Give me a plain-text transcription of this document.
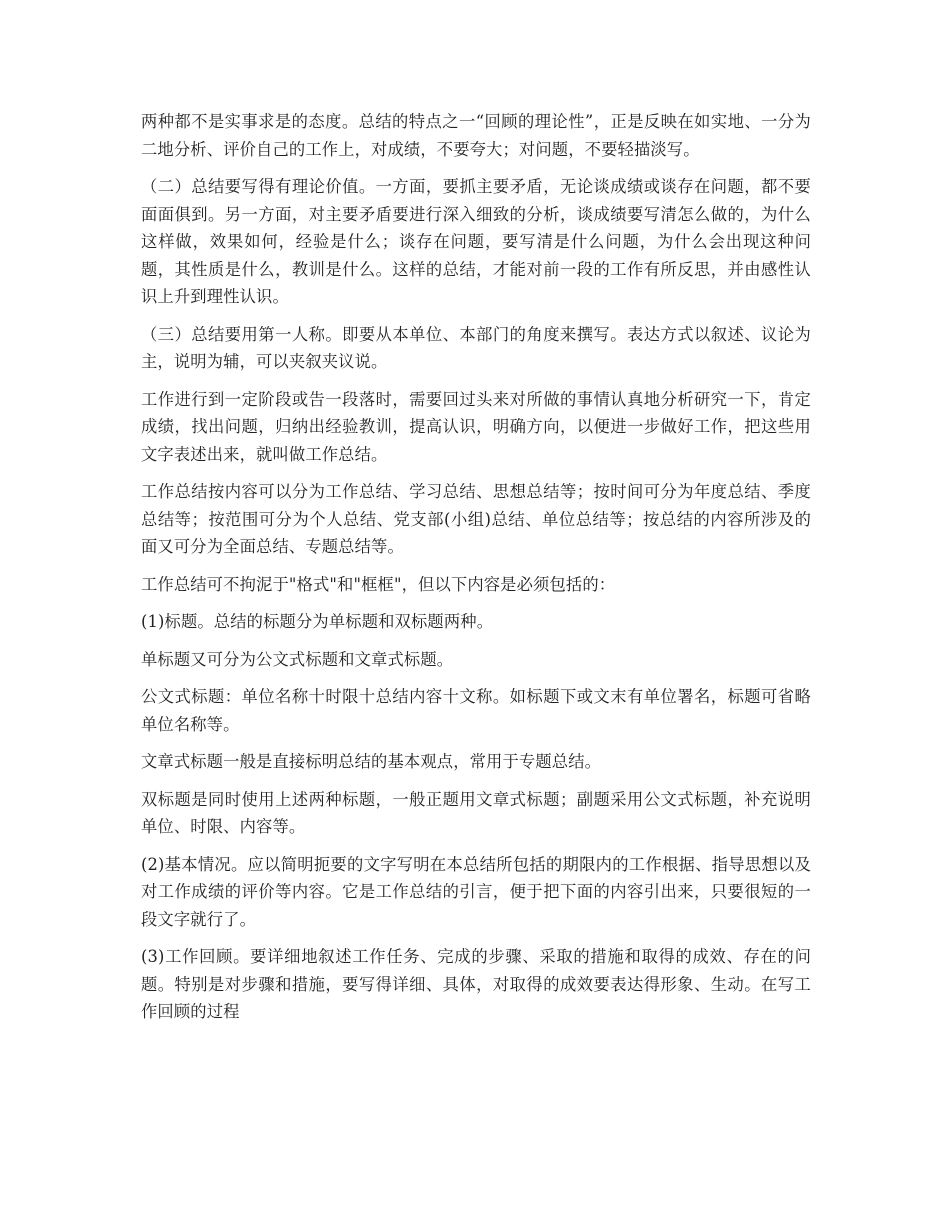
两种都不是实事求是的态度。总结的特点之一“回顾的理论性”，正是反映在如实地、一分为二地分析、评价自己的工作上，对成绩，不要夸大；对问题，不要轻描淡写。

（二）总结要写得有理论价值。一方面，要抓主要矛盾，无论谈成绩或谈存在问题，都不要面面俱到。另一方面，对主要矛盾要进行深入细致的分析，谈成绩要写清怎么做的，为什么这样做，效果如何，经验是什么；谈存在问题，要写清是什么问题，为什么会出现这种问题，其性质是什么，教训是什么。这样的总结，才能对前一段的工作有所反思，并由感性认识上升到理性认识。

（三）总结要用第一人称。即要从本单位、本部门的角度来撰写。表达方式以叙述、议论为主，说明为辅，可以夹叙夹议说。

工作进行到一定阶段或告一段落时，需要回过头来对所做的事情认真地分析研究一下，肯定成绩，找出问题，归纳出经验教训，提高认识，明确方向，以便进一步做好工作，把这些用文字表述出来，就叫做工作总结。

工作总结按内容可以分为工作总结、学习总结、思想总结等；按时间可分为年度总结、季度总结等；按范围可分为个人总结、党支部(小组)总结、单位总结等；按总结的内容所涉及的面又可分为全面总结、专题总结等。

工作总结可不拘泥于"格式"和"框框"，但以下内容是必须包括的：

(1)标题。总结的标题分为单标题和双标题两种。

单标题又可分为公文式标题和文章式标题。

公文式标题：单位名称十时限十总结内容十文称。如标题下或文末有单位署名，标题可省略单位名称等。

文章式标题一般是直接标明总结的基本观点，常用于专题总结。

双标题是同时使用上述两种标题，一般正题用文章式标题；副题采用公文式标题，补充说明单位、时限、内容等。

(2)基本情况。应以简明扼要的文字写明在本总结所包括的期限内的工作根据、指导思想以及对工作成绩的评价等内容。它是工作总结的引言，便于把下面的内容引出来，只要很短的一段文字就行了。

(3)工作回顾。要详细地叙述工作任务、完成的步骤、采取的措施和取得的成效、存在的问题。特别是对步骤和措施，要写得详细、具体，对取得的成效要表达得形象、生动。在写工作回顾的过程
